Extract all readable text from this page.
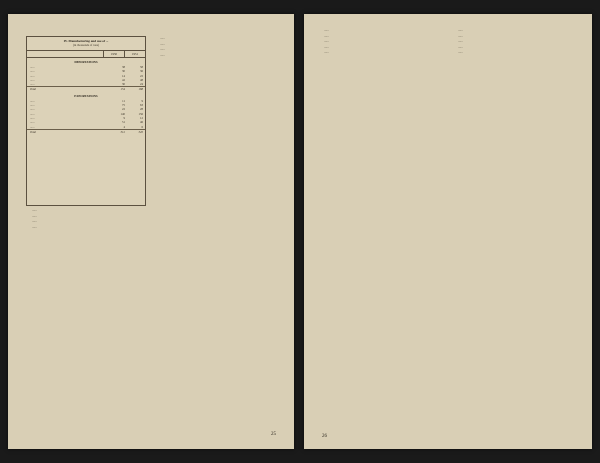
IV. Manufacturing and use of ...
(in thousands of tons)
1950	1951
IMPORTATIONS
......	38	58
......	30	36
......	14	22
......	42	48
......	30	24
Total	154	188
EXPORTATIONS
......	11	9
......	75	63
......	22	28
......	140	156
......	9	12
......	51	46
......	4	6
Total	312	320

......

......

......

......

......

......

......

......

25

......

......

......

......

......

......

......

......

......

......

26
